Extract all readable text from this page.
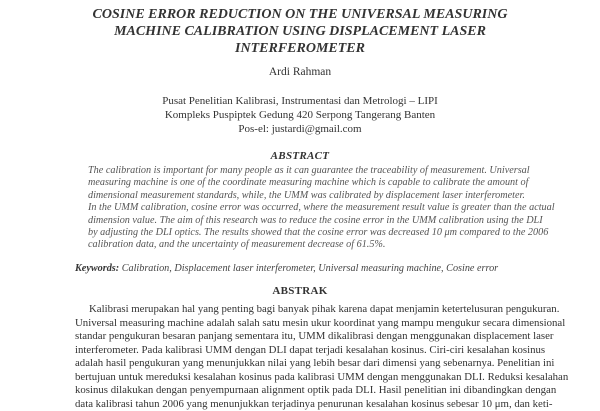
COSINE ERROR REDUCTION ON THE UNIVERSAL MEASURING
MACHINE CALIBRATION USING DISPLACEMENT LASER
INTERFEROMETER
Ardi Rahman
Pusat Penelitian Kalibrasi, Instrumentasi dan Metrologi – LIPI
Kompleks Puspiptek Gedung 420 Serpong Tangerang Banten
Pos-el: justardi@gmail.com
ABSTRACT
The calibration is important for many people as it can guarantee the traceability of measurement. Universal
measuring machine is one of the coordinate measuring machine which is capable to calibrate the amount of
dimensional measurement standards, while, the UMM was calibrated by displacement laser interferometer.
In the UMM calibration, cosine error was occurred, where the measurement result value is greater than the actual
dimension value. The aim of this research was to reduce the cosine error in the UMM calibration using the DLI
by adjusting the DLI optics. The results showed that the cosine error was decreased 10 μm compared to the 2006
calibration data, and the uncertainty of measurement decrease of 61.5%.
Keywords: Calibration, Displacement laser interferometer, Universal measuring machine, Cosine error
ABSTRAK
Kalibrasi merupakan hal yang penting bagi banyak pihak karena dapat menjamin ketertelusuran pengukuran.
Universal measuring machine adalah salah satu mesin ukur koordinat yang mampu mengukur secara dimensional
standar pengukuran besaran panjang sementara itu, UMM dikalibrasi dengan menggunakan displacement laser
interferometer. Pada kalibrasi UMM dengan DLI dapat terjadi kesalahan kosinus. Ciri-ciri kesalahan kosinus
adalah hasil pengukuran yang menunjukkan nilai yang lebih besar dari dimensi yang sebenarnya. Penelitian ini
bertujuan untuk mereduksi kesalahan kosinus pada kalibrasi UMM dengan menggunakan DLI. Reduksi kesalahan
kosinus dilakukan dengan penyempurnaan alignment optik pada DLI. Hasil penelitian ini dibandingkan dengan
data kalibrasi tahun 2006 yang menunjukkan terjadinya penurunan kesalahan kosinus sebesar 10 μm, dan keti-
